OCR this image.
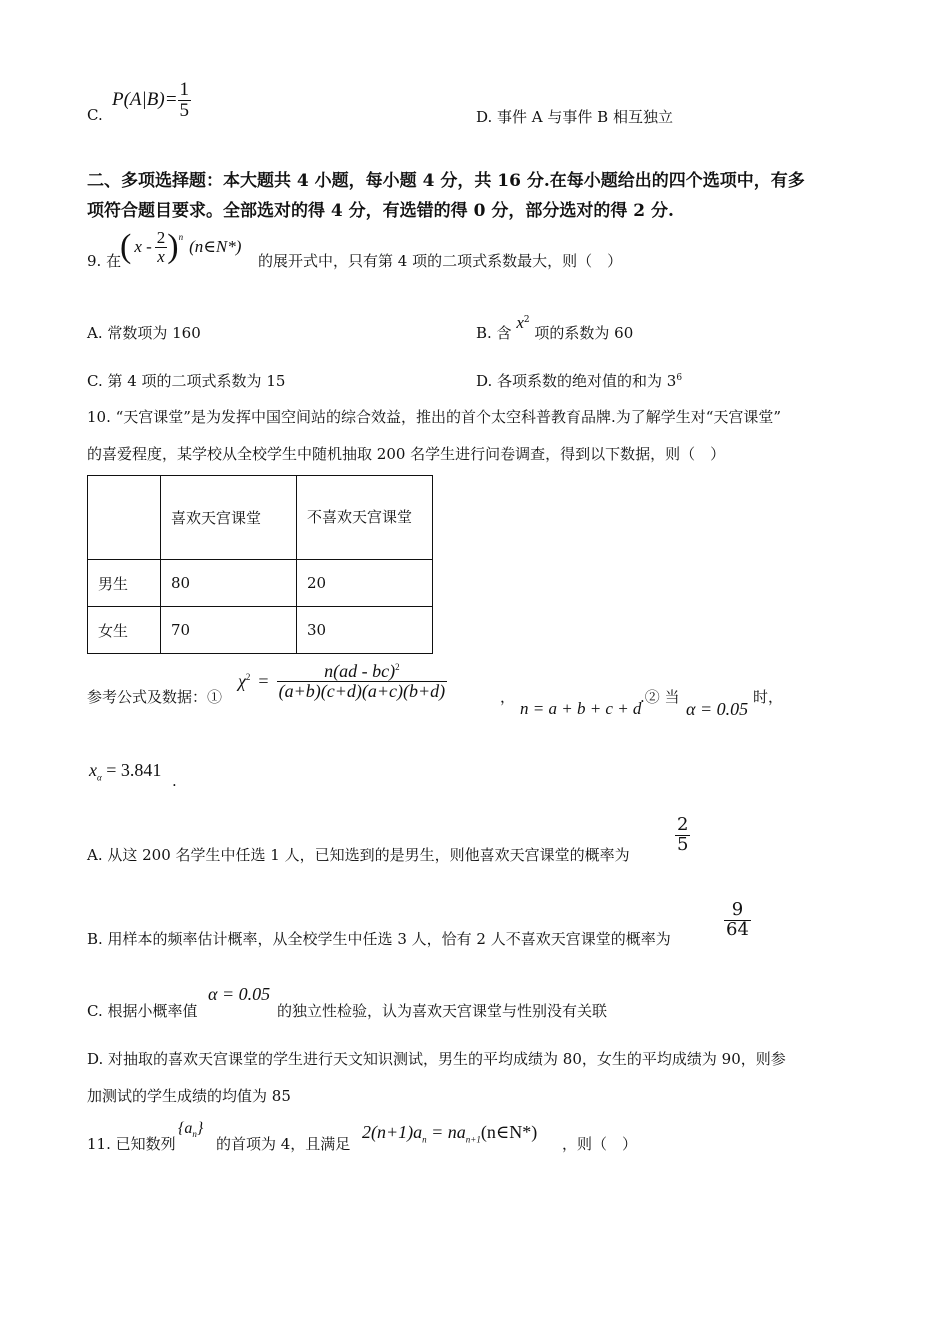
C.
$P(A|B)= \frac{1}{5}$	D. 事件 A 与事件 B 相互独立
二、多项选择题：本大题共 4 小题，每小题 4 分，共 16 分.在每小题给出的四个选项中，有多
项符合题目要求。全部选对的得 4 分，有选错的得 0 分，部分选对的得 2 分.
9. 在
( x - $\frac{2}{x}$ ) n (n∈N*)
的展开式中，只有第 4 项的二项式系数最大，则（　）
A. 常数项为 160	B. 含 $x^2$ 项的系数为 60
C. 第 4 项的二项式系数为 15	D. 各项系数的绝对值的和为 $3^6$
10. “天宫课堂”是为发挥中国空间站的综合效益，推出的首个太空科普教育品牌.为了解学生对“天宫课堂”
的喜爱程度，某学校从全校学生中随机抽取 200 名学生进行问卷调查，得到以下数据，则（　）
	喜欢天宫课堂	不喜欢天宫课堂
男生	80	20
女生	70	30
参考公式及数据：①
χ $2 = \frac{n(ad - bc)^2}{(a+b)(c+d)(a+c)(b+d)}$	，
n = a + b + c + d
.② 当
α = 0.05
时，
$x_\alpha = 3.841$
.
A. 从这 200 名学生中任选 1 人，已知选到的是男生，则他喜欢天宫课堂的概率为
$\frac{2}{5}$
B. 用样本的频率估计概率，从全校学生中任选 3 人，恰有 2 人不喜欢天宫课堂的概率为	$\frac{9}{64}$
C. 根据小概率值
α = 0.05
的独立性检验，认为喜欢天宫课堂与性别没有关联
D. 对抽取的喜欢天宫课堂的学生进行天文知识测试，男生的平均成绩为 80，女生的平均成绩为 90，则参
加测试的学生成绩的均值为 85
11. 已知数列
$\{a_n\}$
的首项为 4，且满足
$2(n+1)a_n$ = $na_{n+1}(n\in N*)$
，则（　）
